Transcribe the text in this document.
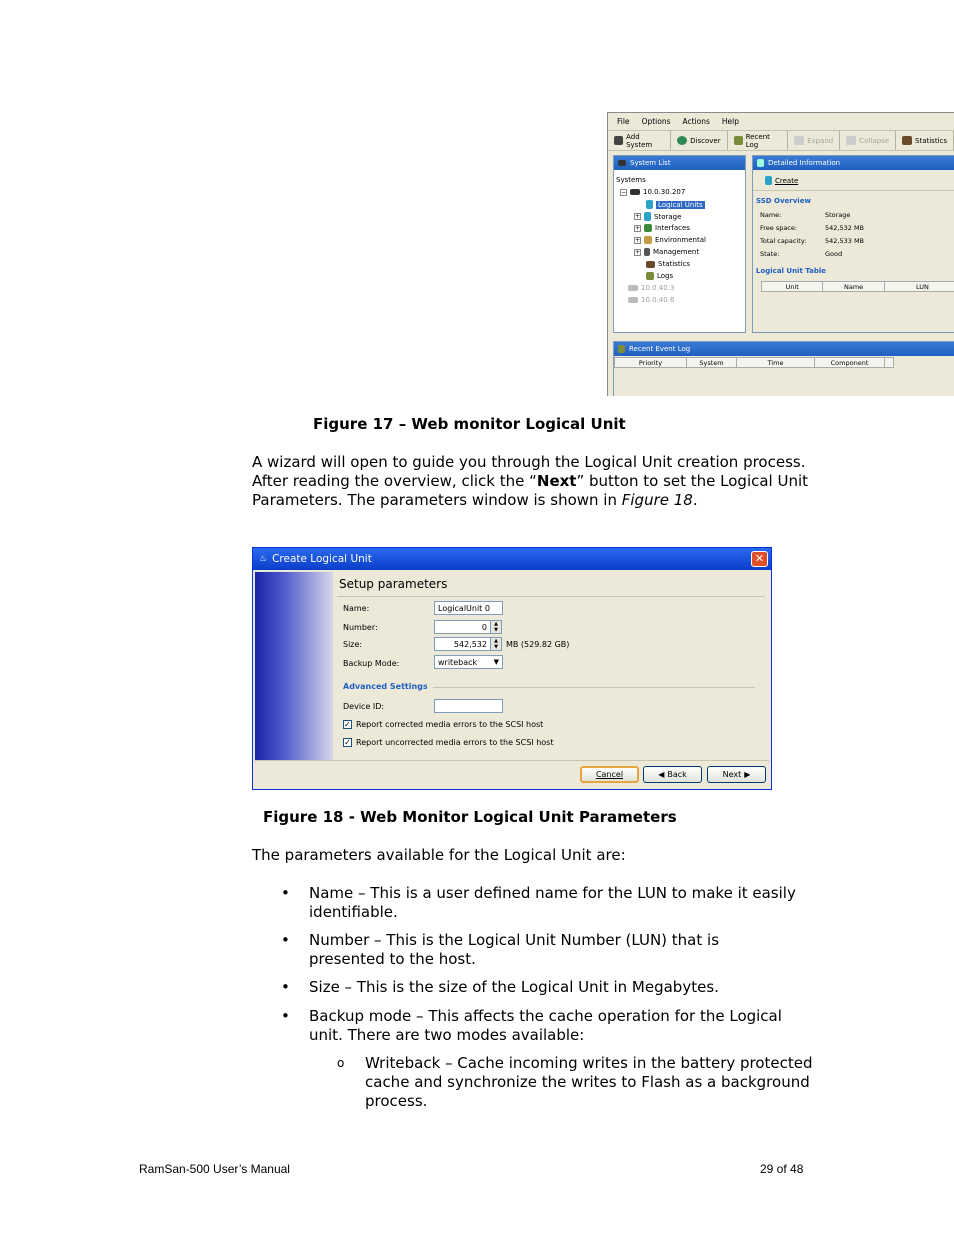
File Options Actions Help
Add System	Discover	Recent Log	Expand	Collapse	Statistics
System List
Systems
− 10.0.30.207
Logical Units
+ Storage
+ Interfaces
+ Environmental
+ Management
Statistics
Logs
10.0.40.3
10.0.40.6
Detailed Information
Create
SSD Overview
Name:	Storage
Free space:	542,532 MB
Total capacity:	542,533 MB
State:	Good
Logical Unit Table
Unit	Name	LUN
Recent Event Log
Priority	System	Time	Component
Figure 17 – Web monitor Logical Unit
A wizard will open to guide you through the Logical Unit creation process. After reading the overview, click the “Next” button to set the Logical Unit Parameters. The parameters window is shown in Figure 18.
♨ Create Logical Unit	✕
Setup parameters
Name:	LogicalUnit 0
Number:	0	▲
▼
Size:	542,532	▲
▼	MB (529.82 GB)
Backup Mode:	writeback ▼
Advanced Settings
Device ID:
✓ Report corrected media errors to the SCSI host
✓ Report uncorrected media errors to the SCSI host
Cancel	◀ Back	Next ▶
Figure 18 - Web Monitor Logical Unit Parameters
The parameters available for the Logical Unit are:
• Name – This is a user defined name for the LUN to make it easily identifiable.
• Number – This is the Logical Unit Number (LUN) that is presented to the host.
• Size – This is the size of the Logical Unit in Megabytes.
• Backup mode – This affects the cache operation for the Logical unit. There are two modes available:
o Writeback – Cache incoming writes in the battery protected cache and synchronize the writes to Flash as a background process.
RamSan-500 User’s Manual	29 of 48
